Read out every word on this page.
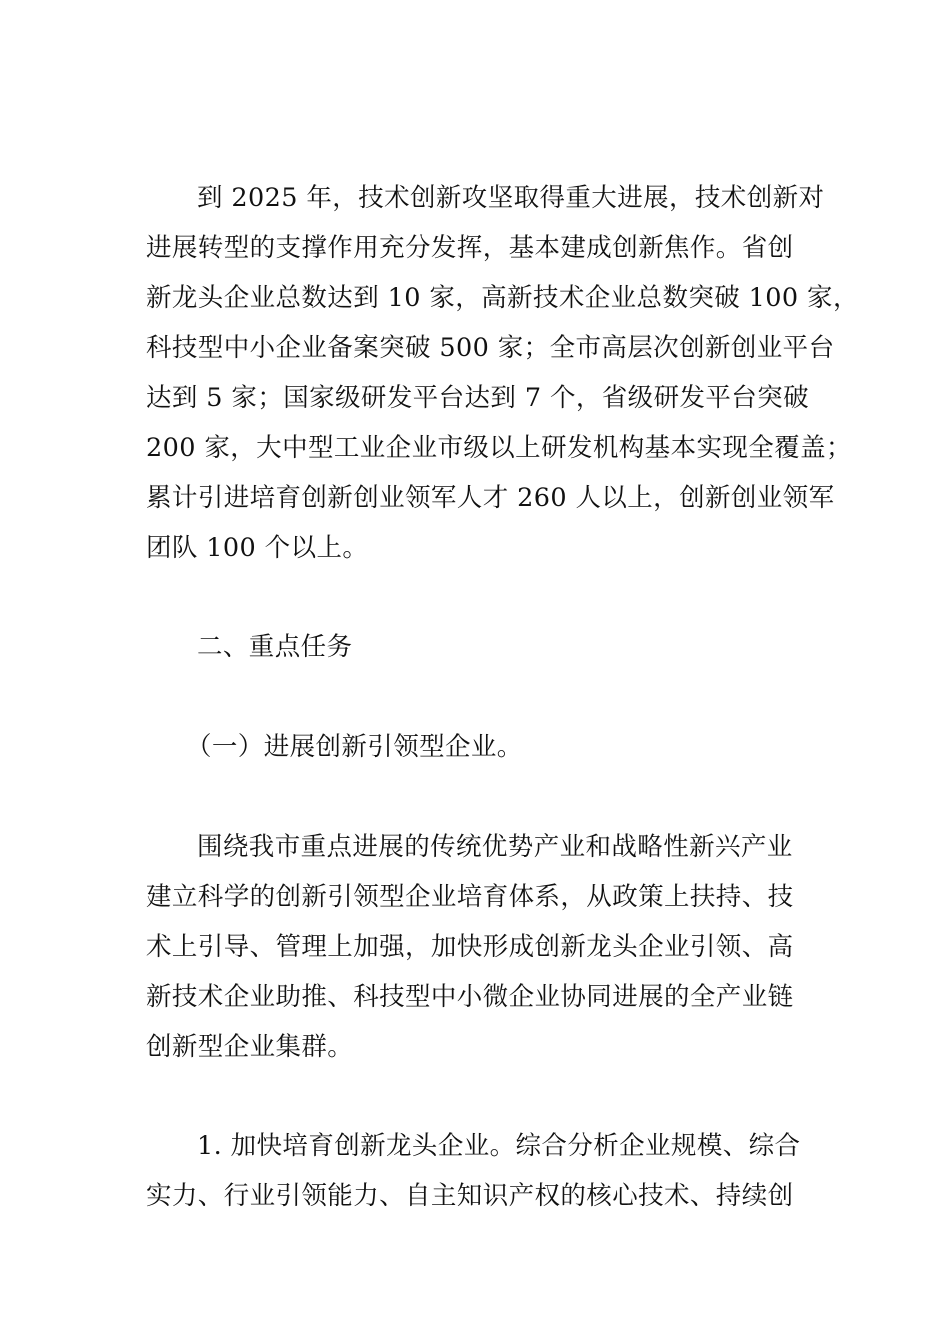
到 2025 年，技术创新攻坚取得重大进展，技术创新对
进展转型的支撑作用充分发挥，基本建成创新焦作。省创
新龙头企业总数达到 10 家，高新技术企业总数突破 100 家，
科技型中小企业备案突破 500 家；全市高层次创新创业平台
达到 5 家；国家级研发平台达到 7 个，省级研发平台突破
200 家，大中型工业企业市级以上研发机构基本实现全覆盖；
累计引进培育创新创业领军人才 260 人以上，创新创业领军
团队 100 个以上。
二、重点任务
（一）进展创新引领型企业。
围绕我市重点进展的传统优势产业和战略性新兴产业
建立科学的创新引领型企业培育体系，从政策上扶持、技
术上引导、管理上加强，加快形成创新龙头企业引领、高
新技术企业助推、科技型中小微企业协同进展的全产业链
创新型企业集群。
1. 加快培育创新龙头企业。综合分析企业规模、综合
实力、行业引领能力、自主知识产权的核心技术、持续创
